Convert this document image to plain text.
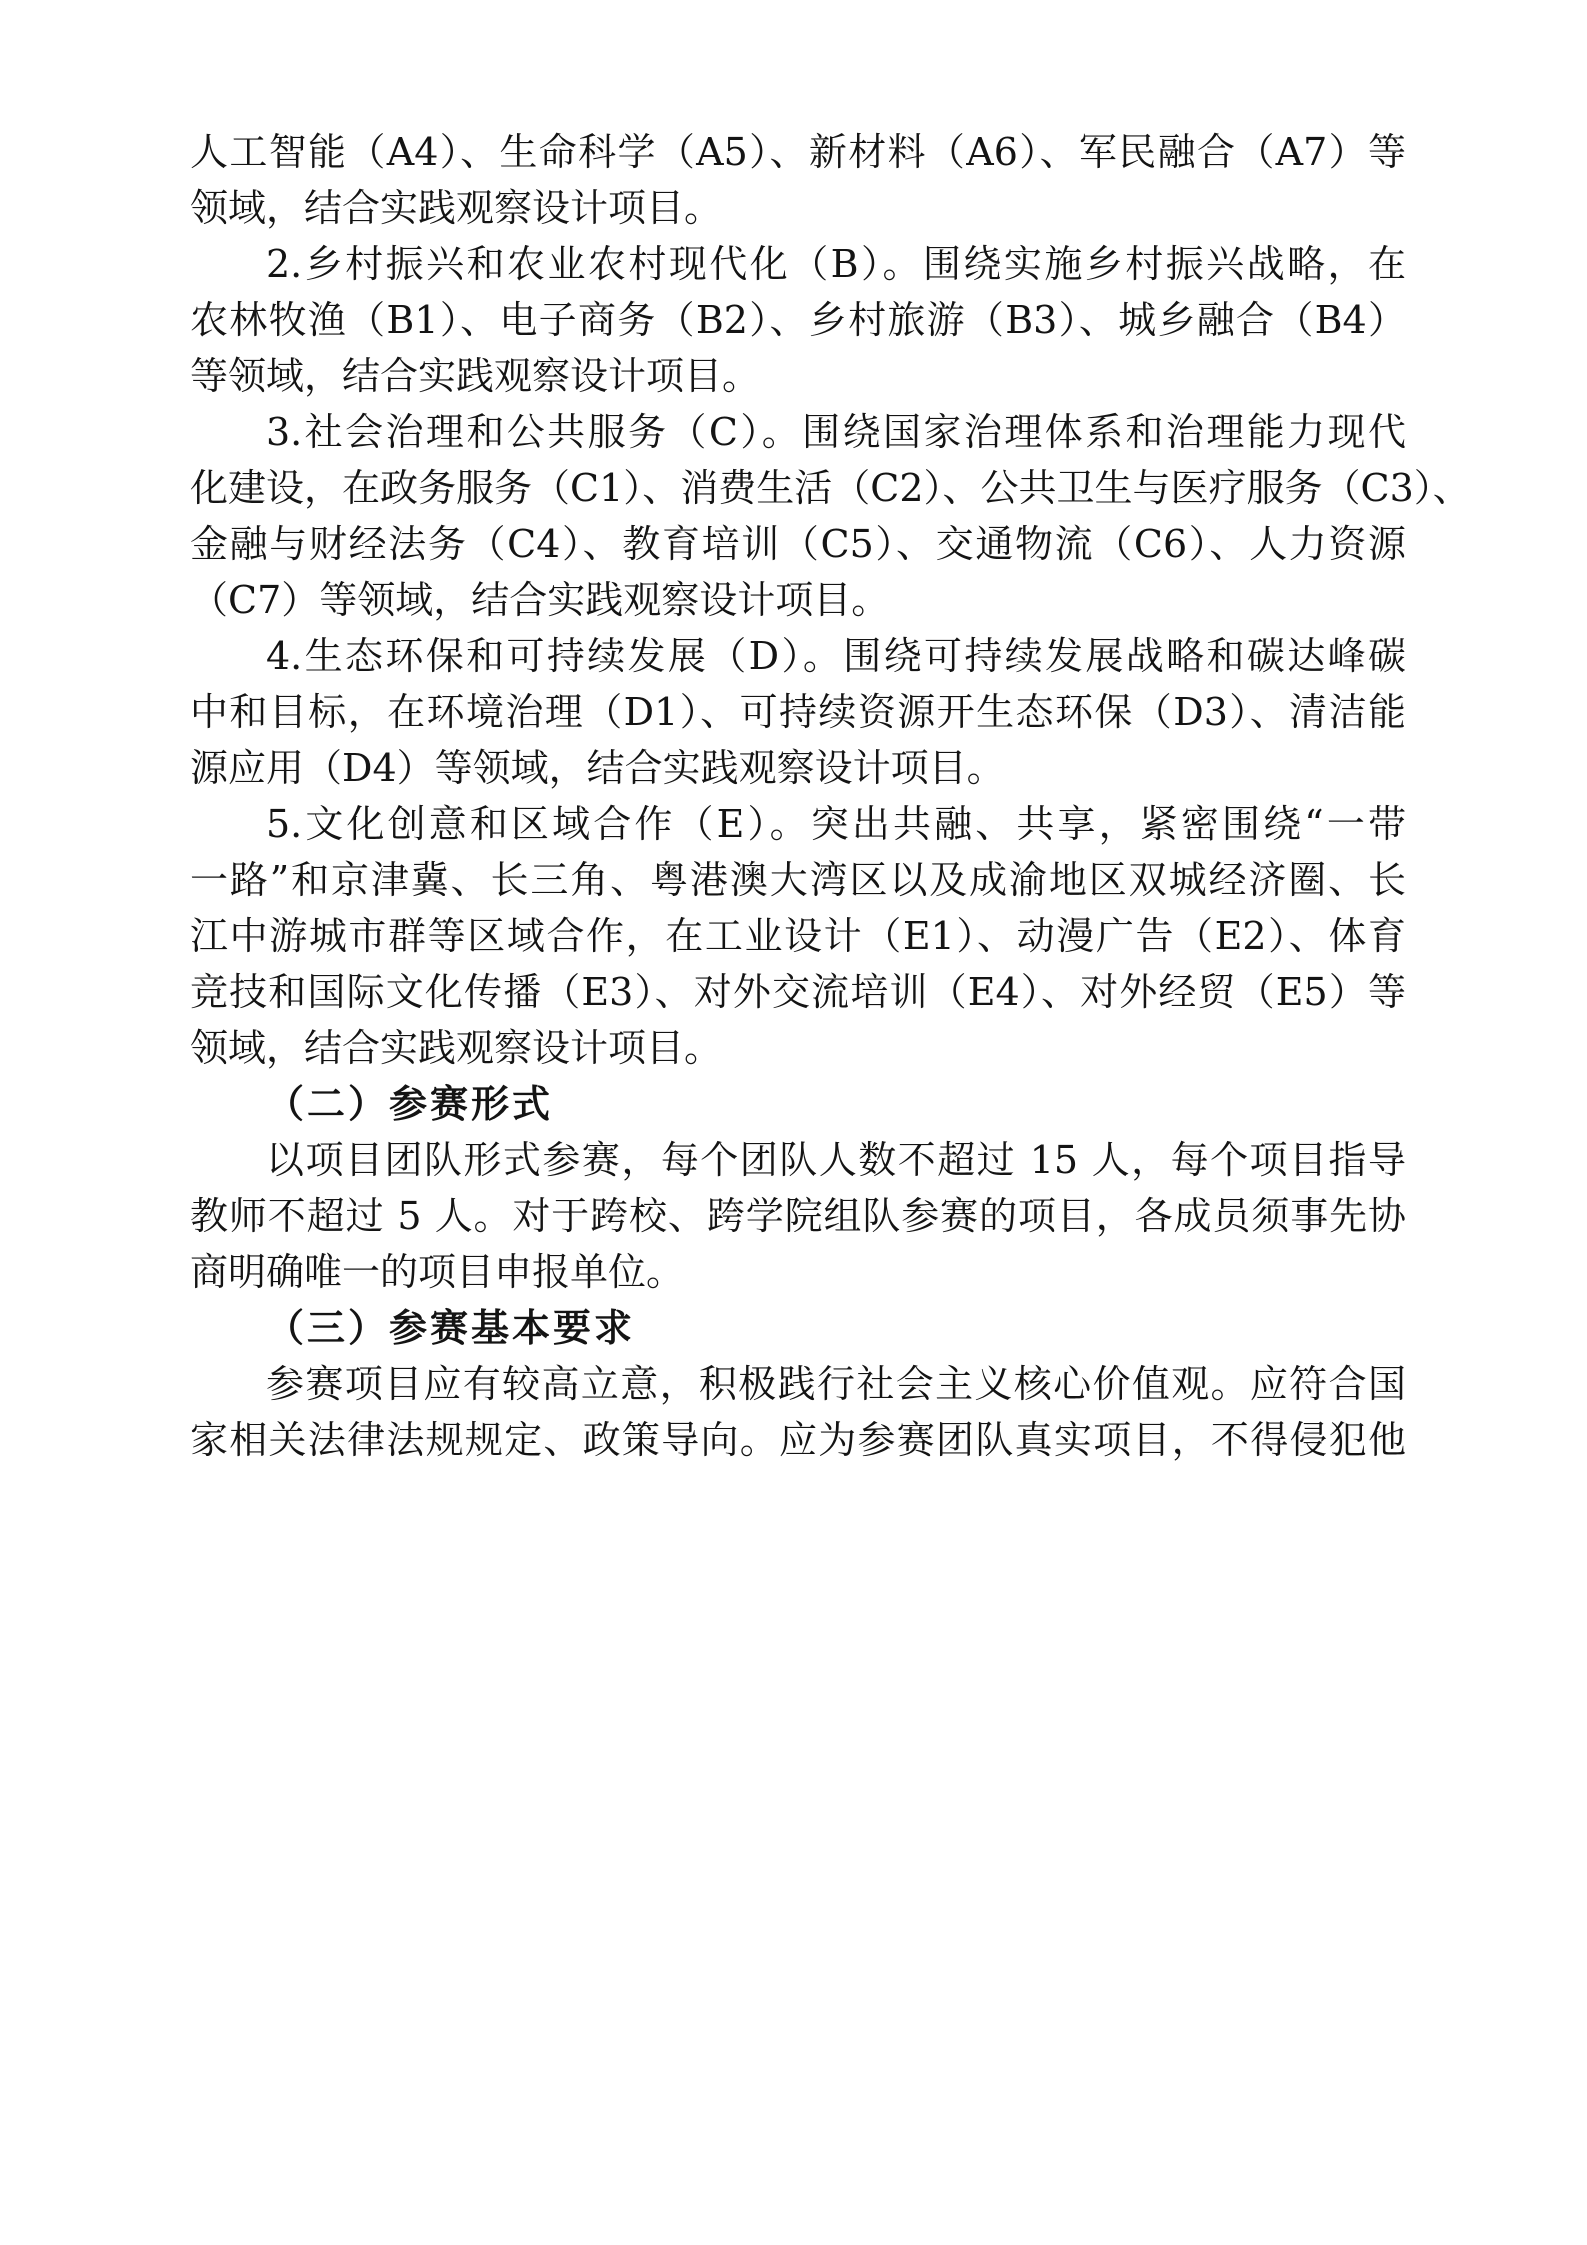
人工智能（A4）、生命科学（A5）、新材料（A6）、军民融合（A7）等
领域，结合实践观察设计项目。
2.乡村振兴和农业农村现代化（B）。围绕实施乡村振兴战略，在
农林牧渔（B1）、电子商务（B2）、乡村旅游（B3）、城乡融合（B4）
等领域，结合实践观察设计项目。
3.社会治理和公共服务（C）。围绕国家治理体系和治理能力现代
化建设，在政务服务（C1）、消费生活（C2）、公共卫生与医疗服务（C3）、
金融与财经法务（C4）、教育培训（C5）、交通物流（C6）、人力资源
（C7）等领域，结合实践观察设计项目。
4.生态环保和可持续发展（D）。围绕可持续发展战略和碳达峰碳
中和目标，在环境治理（D1）、可持续资源开生态环保（D3）、清洁能
源应用（D4）等领域，结合实践观察设计项目。
5.文化创意和区域合作（E）。突出共融、共享，紧密围绕“一带
一路”和京津冀、长三角、粤港澳大湾区以及成渝地区双城经济圈、长
江中游城市群等区域合作，在工业设计（E1）、动漫广告（E2）、体育
竞技和国际文化传播（E3）、对外交流培训（E4）、对外经贸（E5）等
领域，结合实践观察设计项目。
（二）参赛形式
以项目团队形式参赛，每个团队人数不超过 15 人，每个项目指导
教师不超过 5 人。对于跨校、跨学院组队参赛的项目，各成员须事先协
商明确唯一的项目申报单位。
（三）参赛基本要求
参赛项目应有较高立意，积极践行社会主义核心价值观。应符合国
家相关法律法规规定、政策导向。应为参赛团队真实项目，不得侵犯他
